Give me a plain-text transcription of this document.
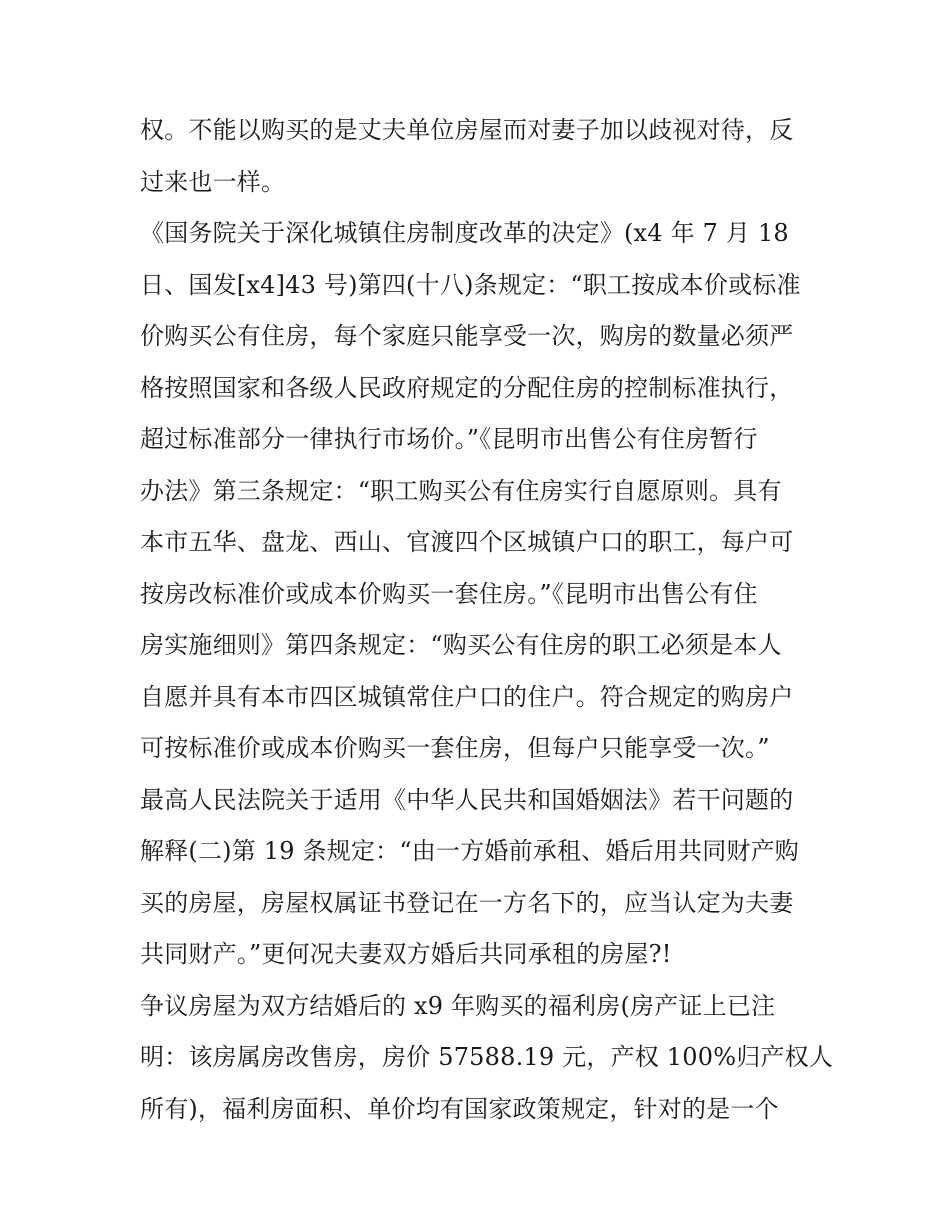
权。不能以购买的是丈夫单位房屋而对妻子加以歧视对待，反
过来也一样。
《国务院关于深化城镇住房制度改革的决定》(x4 年 7 月 18
日、国发[x4]43 号)第四(十八)条规定：“职工按成本价或标准
价购买公有住房，每个家庭只能享受一次，购房的数量必须严
格按照国家和各级人民政府规定的分配住房的控制标准执行，
超过标准部分一律执行市场价。”《昆明市出售公有住房暂行
办法》第三条规定：“职工购买公有住房实行自愿原则。具有
本市五华、盘龙、西山、官渡四个区城镇户口的职工，每户可
按房改标准价或成本价购买一套住房。”《昆明市出售公有住
房实施细则》第四条规定：“购买公有住房的职工必须是本人
自愿并具有本市四区城镇常住户口的住户。符合规定的购房户
可按标准价或成本价购买一套住房，但每户只能享受一次。”
最高人民法院关于适用《中华人民共和国婚姻法》若干问题的
解释(二)第 19 条规定：“由一方婚前承租、婚后用共同财产购
买的房屋，房屋权属证书登记在一方名下的，应当认定为夫妻
共同财产。”更何况夫妻双方婚后共同承租的房屋?!
争议房屋为双方结婚后的 x9 年购买的福利房(房产证上已注
明：该房属房改售房，房价 57588.19 元，产权 100%归产权人
所有)，福利房面积、单价均有国家政策规定，针对的是一个
